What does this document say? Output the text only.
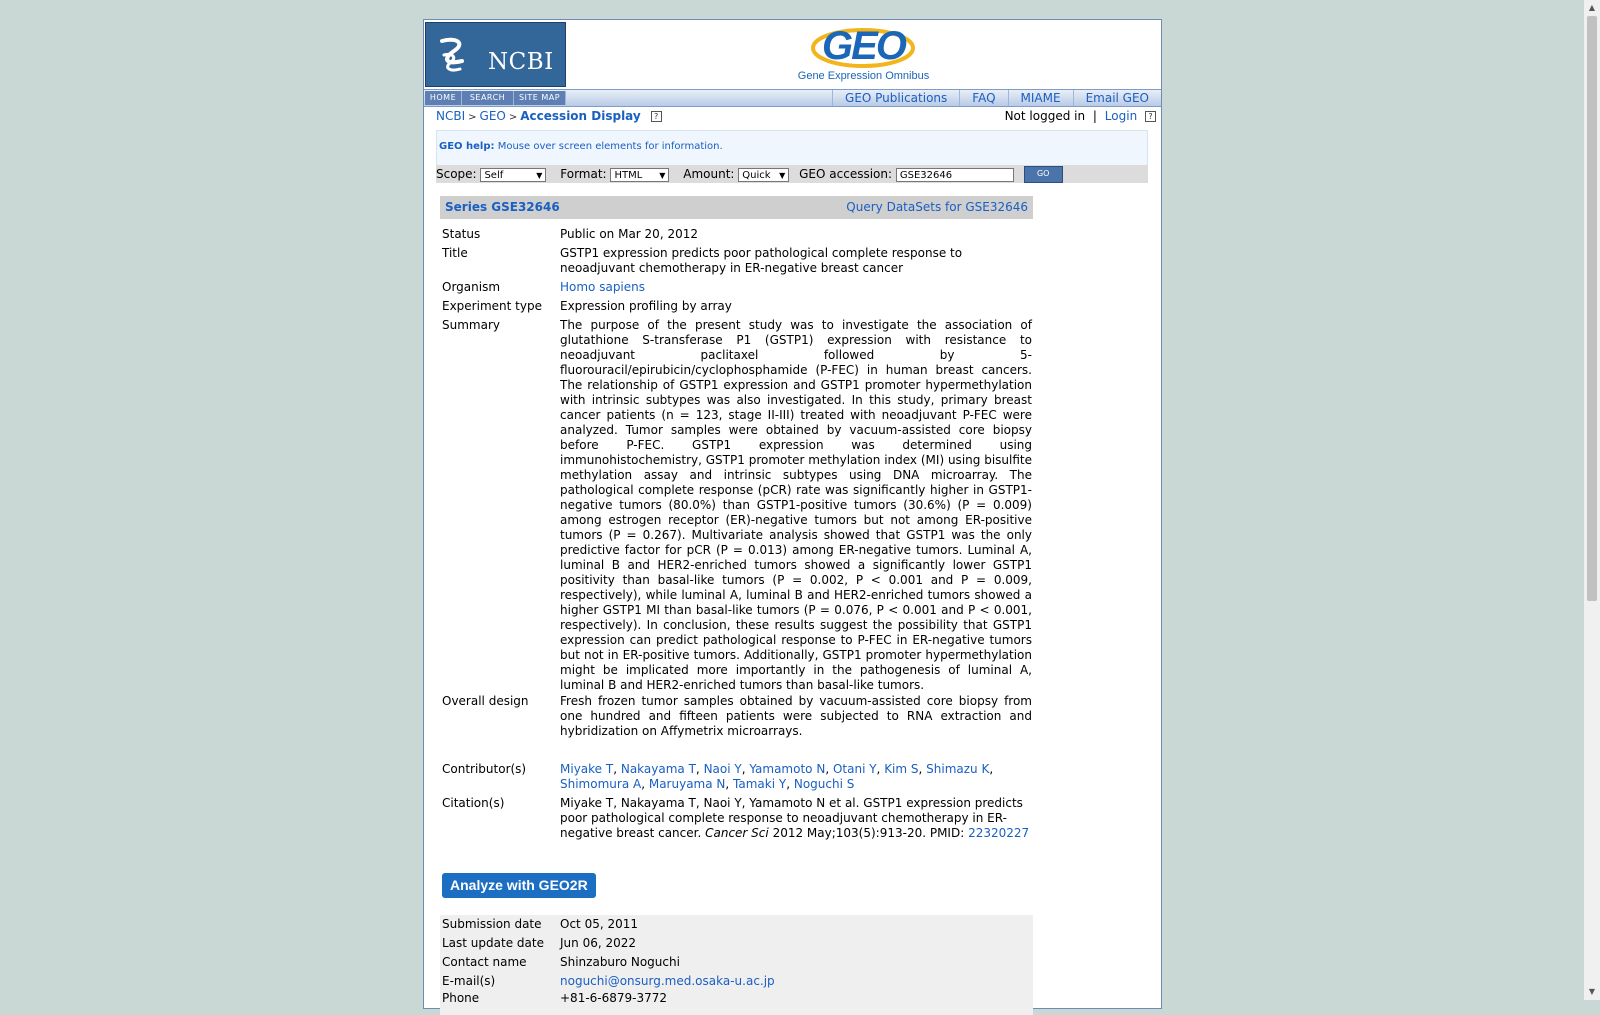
NCBI	GEO
Gene Expression Omnibus
HOME	SEARCH	SITE MAP	GEO Publications	FAQ	MIAME	Email GEO
NCBI > GEO > Accession Display ?	Not logged in | Login ?
GEO help: Mouse over screen elements for information.
Scope: Self ▼	Format: HTML ▼	Amount: Quick ▼ GEO accession: GSE32646	GO
Series GSE32646	Query DataSets for GSE32646
Status	Public on Mar 20, 2012
Title	GSTP1 expression predicts poor pathological complete response to neoadjuvant chemotherapy in ER-negative breast cancer
Organism	Homo sapiens
Experiment type	Expression profiling by array
Summary	The purpose of the present study was to investigate the association of glutathione S-transferase P1 (GSTP1) expression with resistance to neoadjuvant paclitaxel followed by 5-fluorouracil/epirubicin/cyclophosphamide (P-FEC) in human breast cancers. The relationship of GSTP1 expression and GSTP1 promoter hypermethylation with intrinsic subtypes was also investigated. In this study, primary breast cancer patients (n = 123, stage II-III) treated with neoadjuvant P-FEC were analyzed. Tumor samples were obtained by vacuum-assisted core biopsy before P-FEC. GSTP1 expression was determined using immunohistochemistry, GSTP1 promoter methylation index (MI) using bisulfite methylation assay and intrinsic subtypes using DNA microarray. The pathological complete response (pCR) rate was significantly higher in GSTP1-negative tumors (80.0%) than GSTP1-positive tumors (30.6%) (P = 0.009) among estrogen receptor (ER)-negative tumors but not among ER-positive tumors (P = 0.267). Multivariate analysis showed that GSTP1 was the only predictive factor for pCR (P = 0.013) among ER-negative tumors. Luminal A, luminal B and HER2-enriched tumors showed a significantly lower GSTP1 positivity than basal-like tumors (P = 0.002, P < 0.001 and P = 0.009, respectively), while luminal A, luminal B and HER2-enriched tumors showed a higher GSTP1 MI than basal-like tumors (P = 0.076, P < 0.001 and P < 0.001, respectively). In conclusion, these results suggest the possibility that GSTP1 expression can predict pathological response to P-FEC in ER-negative tumors but not in ER-positive tumors. Additionally, GSTP1 promoter hypermethylation might be implicated more importantly in the pathogenesis of luminal A, luminal B and HER2-enriched tumors than basal-like tumors.
Overall design	Fresh frozen tumor samples obtained by vacuum-assisted core biopsy from one hundred and fifteen patients were subjected to RNA extraction and hybridization on Affymetrix microarrays.
Contributor(s)	Miyake T, Nakayama T, Naoi Y, Yamamoto N, Otani Y, Kim S, Shimazu K, Shimomura A, Maruyama N, Tamaki Y, Noguchi S
Citation(s)	Miyake T, Nakayama T, Naoi Y, Yamamoto N et al. GSTP1 expression predicts poor pathological complete response to neoadjuvant chemotherapy in ER-negative breast cancer. Cancer Sci 2012 May;103(5):913-20. PMID: 22320227
Analyze with GEO2R
Submission date	Oct 05, 2011
Last update date	Jun 06, 2022
Contact name	Shinzaburo Noguchi
E-mail(s)	noguchi@onsurg.med.osaka-u.ac.jp
Phone	+81-6-6879-3772
▲
▼
